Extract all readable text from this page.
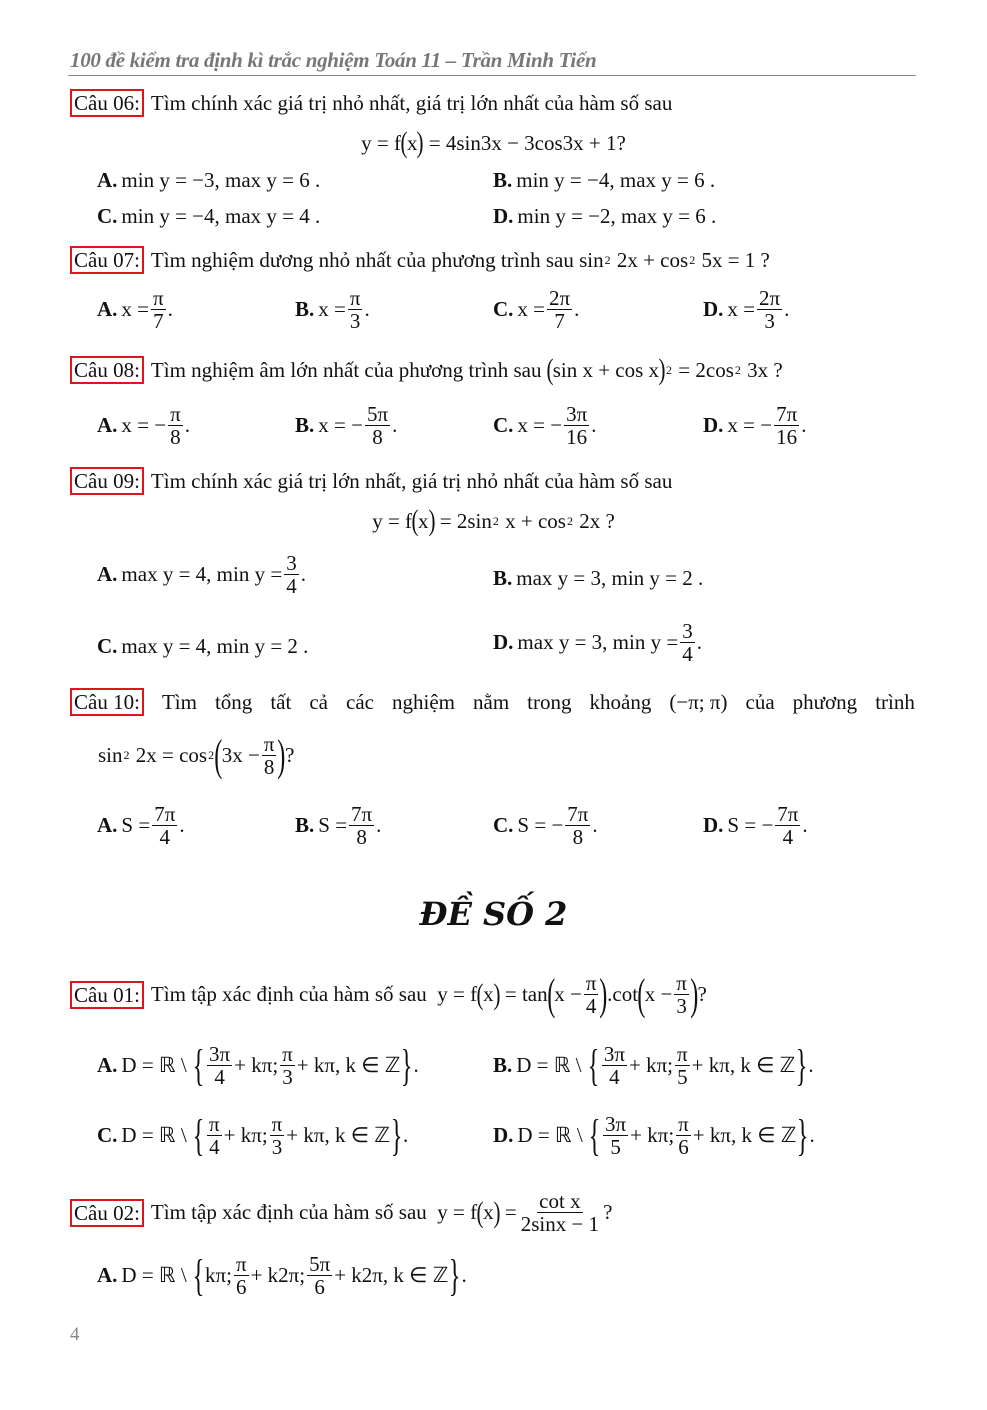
100 đề kiểm tra định kì trắc nghiệm Toán 11 – Trần Minh Tiến
Câu 06: Tìm chính xác giá trị nhỏ nhất, giá trị lớn nhất của hàm số sau
y = f ( x ) = 4sin3x − 3cos3x + 1?
A. min y = −3, max y = 6 .	B. min y = −4, max y = 6 .
C. min y = −4, max y = 4 .	D. min y = −2, max y = 6 .
Câu 07: Tìm nghiệm dương nhỏ nhất của phương trình sau sin 2 2x + cos 2 5x = 1 ?
A. $x = \frac{\pi}{7}$ .	B. $x = \frac{\pi}{3}$ .	C. $x = \frac{2\pi}{7}$ .	D. $x = \frac{2\pi}{3}$ .
Câu 08: Tìm nghiệm âm lớn nhất của phương trình sau ( sin x + cos x ) 2 = 2cos 2 3x ?
A. x = − $\frac{\pi}{8}$ .	B. x = − $\frac{5\pi}{8}$ .	C. x = − $\frac{3\pi}{16}$ .	D. x = − $\frac{7\pi}{16}$ .
Câu 09: Tìm chính xác giá trị lớn nhất, giá trị nhỏ nhất của hàm số sau
y = f ( x ) = 2sin 2 x + cos 2 2x ?
A. max y = 4, $\min y = \frac{3}{4}$ .	B. max y = 3, min y = 2 .
C. max y = 4, min y = 2 .	D. max y = 3, $\min y = \frac{3}{4}$ .
Câu 10: Tìm tổng tất cả các nghiệm nằm trong khoảng (−π; π) của phương trình
sin 2 2x = cos 2 ( $3x - \frac{\pi}{8}$ ) ?
A. $S = \frac{7\pi}{4}$ .	B. $S = \frac{7\pi}{8}$ .	C. S = − $\frac{7\pi}{8}$ .	D. S = − $\frac{7\pi}{4}$ .
ĐỀ SỐ 2
Câu 01: Tìm tập xác định của hàm số sau  y = f ( x ) = tan ( $x - \frac{\pi}{4}$ ) .cot ( $x - \frac{\pi}{3}$ ) ?
A. D = ℝ \ { $\frac{3\pi}{4} + k\pi$; $\frac{\pi}{3} + k\pi$, k ∈ ℤ } .	B. D = ℝ \ { $\frac{3\pi}{4} + k\pi$; $\frac{\pi}{5} + k\pi$, k ∈ ℤ } .
C. D = ℝ \ { $\frac{\pi}{4} + k\pi$; $\frac{\pi}{3} + k\pi$, k ∈ ℤ } .	D. D = ℝ \ { $\frac{3\pi}{5} + k\pi$; $\frac{\pi}{6} + k\pi$, k ∈ ℤ } .
Câu 02: Tìm tập xác định của hàm số sau  y = f ( x ) = $\frac{\text{cot x}}{2\sin x - 1}$ ?
A. D = ℝ \ { kπ; $\frac{\pi}{6} + k2\pi$; $\frac{5\pi}{6} + k2\pi$, k ∈ ℤ } .
4
